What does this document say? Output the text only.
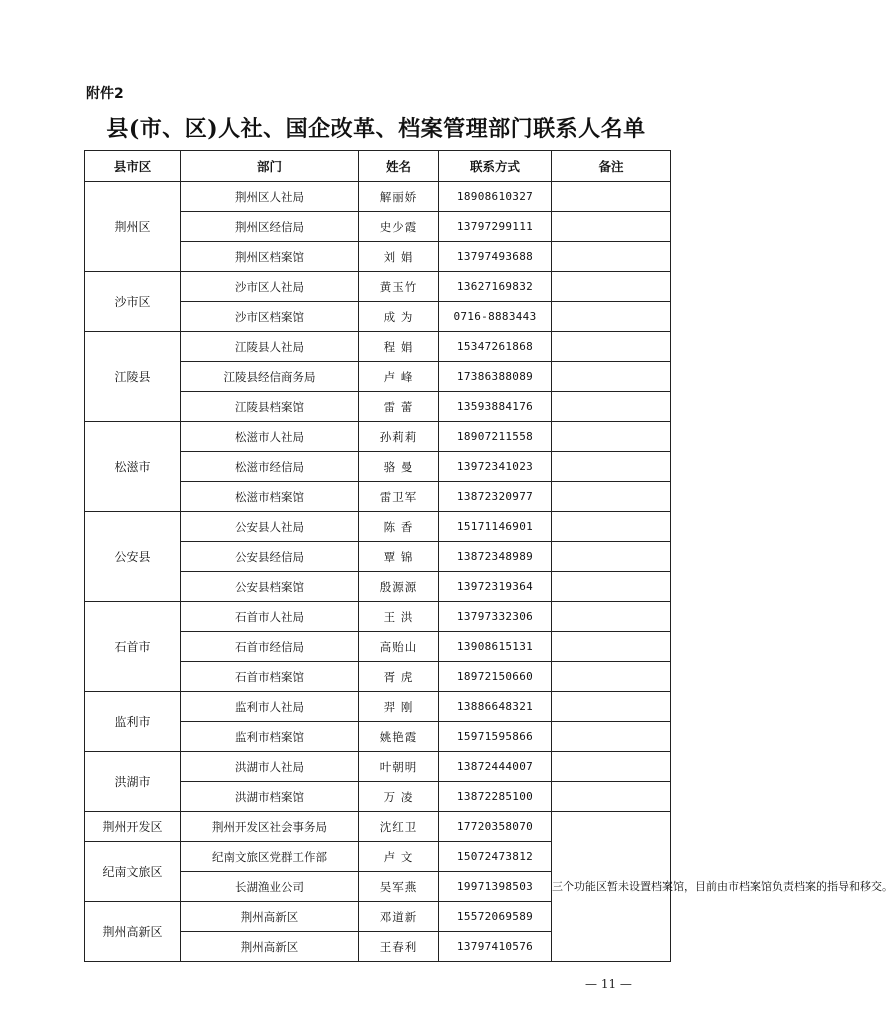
附件2
县(市、区)人社、国企改革、档案管理部门联系人名单
县市区	部门	姓名	联系方式	备注
荆州区	荆州区人社局	解丽娇	18908610327	
	荆州区经信局	史少霞	13797299111	
	荆州区档案馆	刘 娟	13797493688	
沙市区	沙市区人社局	黄玉竹	13627169832	
	沙市区档案馆	成 为	0716-8883443	
江陵县	江陵县人社局	程 娟	15347261868	
	江陵县经信商务局	卢 峰	17386388089	
	江陵县档案馆	雷 蕾	13593884176	
松滋市	松滋市人社局	孙莉莉	18907211558	
	松滋市经信局	骆 曼	13972341023	
	松滋市档案馆	雷卫军	13872320977	
公安县	公安县人社局	陈 香	15171146901	
	公安县经信局	覃 锦	13872348989	
	公安县档案馆	殷源源	13972319364	
石首市	石首市人社局	王 洪	13797332306	
	石首市经信局	高贻山	13908615131	
	石首市档案馆	胥 虎	18972150660	
监利市	监利市人社局	羿 刚	13886648321	
	监利市档案馆	姚艳霞	15971595866	
洪湖市	洪湖市人社局	叶朝明	13872444007	
	洪湖市档案馆	万 凌	13872285100	
荆州开发区	荆州开发区社会事务局	沈红卫	17720358070	三个功能区暂未设置档案馆，目前由市档案馆负责档案的指导和移交。
纪南文旅区	纪南文旅区党群工作部	卢 文	15072473812	
	长湖渔业公司	吴军燕	19971398503	
荆州高新区	荆州高新区	邓道新	15572069589	
	荆州高新区	王春利	13797410576	
— 11 —
